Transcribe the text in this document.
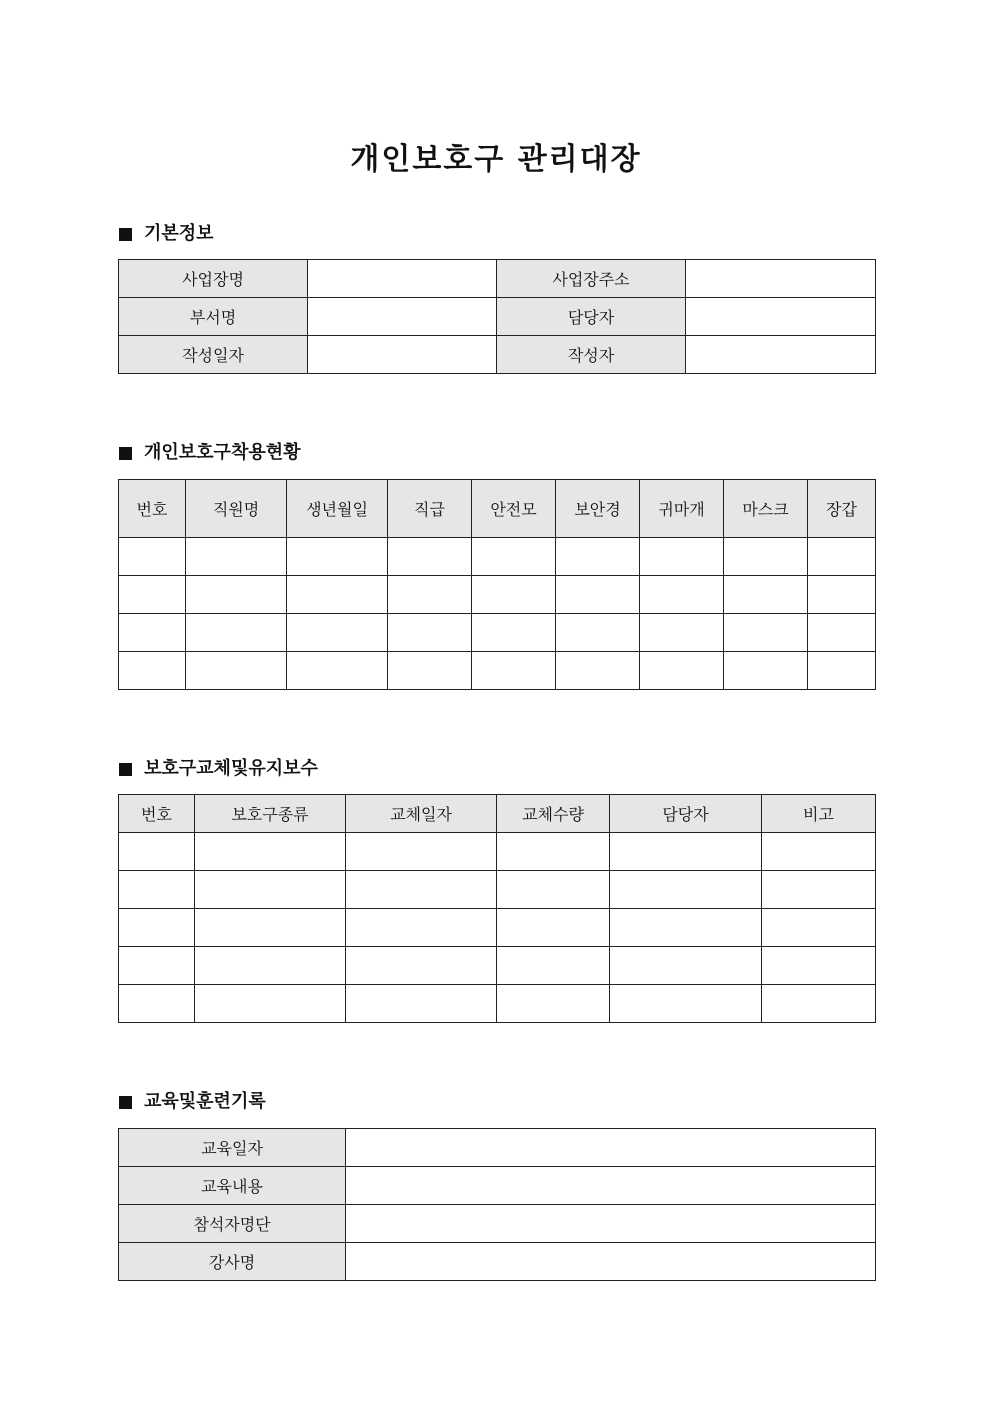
개인보호구 관리대장
기본정보
사업장명		사업장주소	
부서명		담당자	
작성일자		작성자	
개인보호구착용현황
번호	직원명	생년월일	직급	안전모	보안경	귀마개	마스크	장갑

보호구교체및유지보수
번호	보호구종류	교체일자	교체수량	담당자	비고

교육및훈련기록
교육일자	
교육내용	
참석자명단	
강사명	
